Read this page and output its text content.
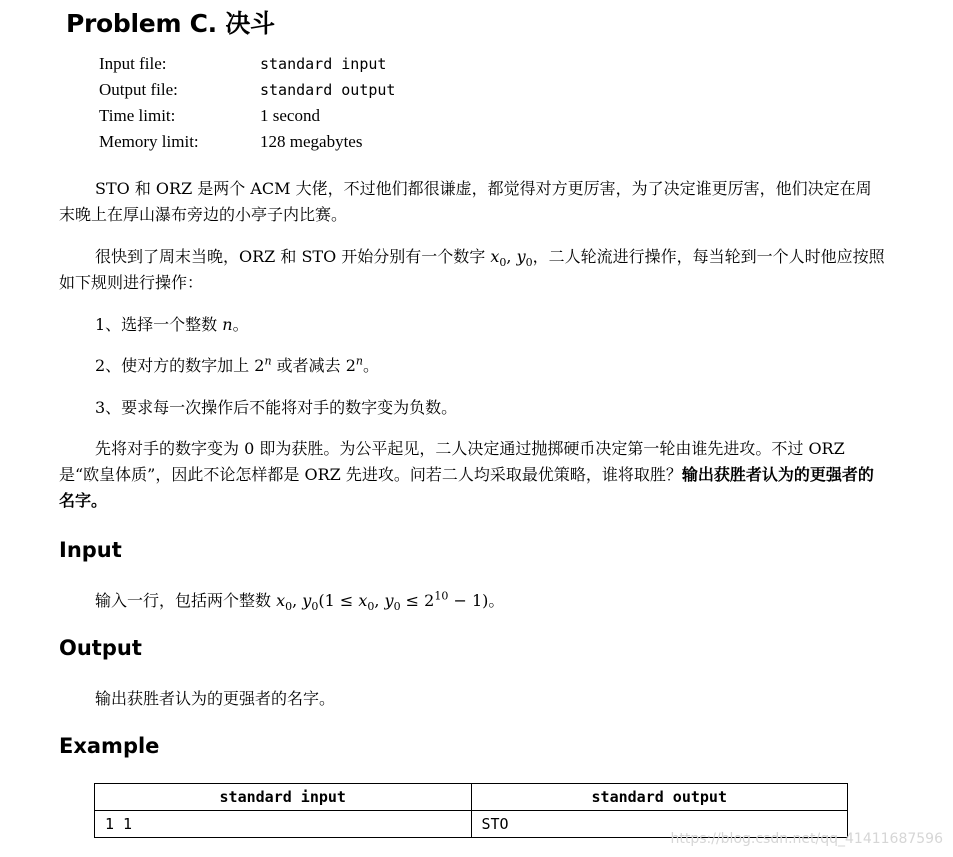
Problem C. 决斗
Input file:	standard input
Output file:	standard output
Time limit:	1 second
Memory limit:	128 megabytes

STO 和 ORZ 是两个 ACM 大佬，不过他们都很谦虚，都觉得对方更厉害，为了决定谁更厉害，他们决定在周末晚上在厚山瀑布旁边的小亭子内比赛。

很快到了周末当晚，ORZ 和 STO 开始分别有一个数字 $x_0$, $y_0$，二人轮流进行操作，每当轮到一个人时他应按照如下规则进行操作：

1、选择一个整数 n。

2、使对方的数字加上 2$^n$ 或者减去 2$^n$。

3、要求每一次操作后不能将对手的数字变为负数。

先将对手的数字变为 0 即为获胜。为公平起见，二人决定通过抛掷硬币决定第一轮由谁先进攻。不过 ORZ 是“欧皇体质”，因此不论怎样都是 ORZ 先进攻。问若二人均采取最优策略，谁将取胜？输出获胜者认为的更强者的名字。

Input

输入一行，包括两个整数 $x_0$, $y_0(1 \le x_0$, $y_0 \le 2^{10} - 1$)。

Output

输出获胜者认为的更强者的名字。

Example
standard input	standard output
1 1	STO
https://blog.csdn.net/qq_41411687596
